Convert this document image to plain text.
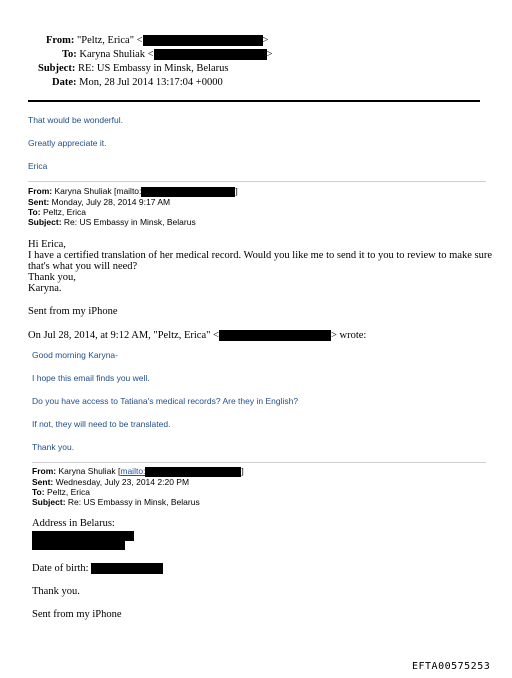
From: "Peltz, Erica" <	>
To: Karyna Shuliak <	>
Subject: RE: US Embassy in Minsk, Belarus
Date: Mon, 28 Jul 2014 13:17:04 +0000
That would be wonderful.
Greatly appreciate it.
Erica
From: Karyna Shuliak [mailto:	]
Sent: Monday, July 28, 2014 9:17 AM
To: Peltz, Erica
Subject: Re: US Embassy in Minsk, Belarus
Hi Erica,
I have a certified translation of her medical record. Would you like me to send it to you to review to make sure
that's what you will need?
Thank you,
Karyna.
Sent from my iPhone
On Jul 28, 2014, at 9:12 AM, "Peltz, Erica" <	> wrote:
Good morning Karyna-
I hope this email finds you well.
Do you have access to Tatiana's medical records? Are they in English?
If not, they will need to be translated.
Thank you.
From: Karyna Shuliak [mailto:	]
Sent: Wednesday, July 23, 2014 2:20 PM
To: Peltz, Erica
Subject: Re: US Embassy in Minsk, Belarus
Address in Belarus:
Date of birth:
Thank you.
Sent from my iPhone
EFTA00575253
